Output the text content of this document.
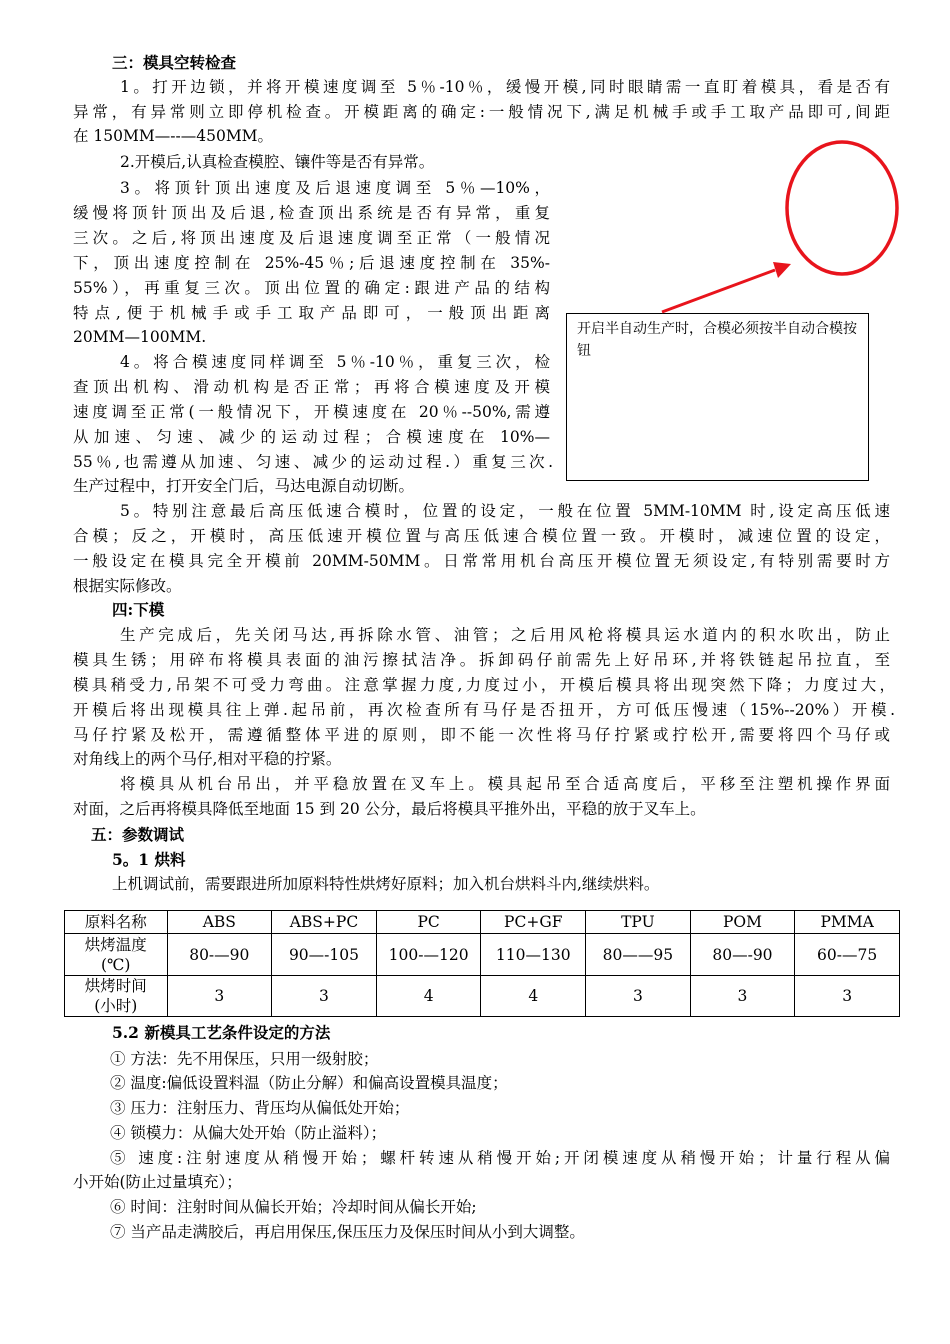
三：模具空转检查
1。打开边锁，并将开模速度调至 5％-10％，缓慢开模,同时眼睛需一直盯着模具，看是否有
异常，有异常则立即停机检查。开模距离的确定:一般情况下,满足机械手或手工取产品即可,间距
在 150MM—--—450MM。
2.开模后,认真检查模腔、镶件等是否有异常。
3。将顶针顶出速度及后退速度调至 5％—10%，
缓慢将顶针顶出及后退,检查顶出系统是否有异常，重复
三次。之后,将顶出速度及后退速度调至正常（一般情况
下，顶出速度控制在 25%-45％;后退速度控制在 35%-
55%），再重复三次。顶出位置的确定:跟进产品的结构
特点,便于机械手或手工取产品即可，一般顶出距离
20MM—100MM.
4。将合模速度同样调至 5％-10％，重复三次，检
查顶出机构、滑动机构是否正常；再将合模速度及开模
速度调至正常(一般情况下，开模速度在 20％--50%,需遵
从加速、匀速、减少的运动过程；合模速度在 10%—
55％,也需遵从加速、匀速、减少的运动过程.）重复三次.
生产过程中，打开安全门后，马达电源自动切断。
5。特别注意最后高压低速合模时，位置的设定，一般在位置 5MM-10MM 时,设定高压低速
合模；反之，开模时，高压低速开模位置与高压低速合模位置一致。开模时，减速位置的设定，
一般设定在模具完全开模前 20MM-50MM。日常常用机台高压开模位置无须设定,有特别需要时方
根据实际修改。
开启半自动生产时，合模必须按半自动合模按钮
四:下模
生产完成后，先关闭马达,再拆除水管、油管；之后用风枪将模具运水道内的积水吹出，防止
模具生锈；用碎布将模具表面的油污擦拭洁净。拆卸码仔前需先上好吊环,并将铁链起吊拉直，至
模具稍受力,吊架不可受力弯曲。注意掌握力度,力度过小，开模后模具将出现突然下降；力度过大，
开模后将出现模具往上弹.起吊前，再次检查所有马仔是否扭开，方可低压慢速（15%--20%）开模.
马仔拧紧及松开，需遵循整体平进的原则，即不能一次性将马仔拧紧或拧松开,需要将四个马仔或
对角线上的两个马仔,相对平稳的拧紧。
将模具从机台吊出，并平稳放置在叉车上。模具起吊至合适高度后，平移至注塑机操作界面
对面，之后再将模具降低至地面 15 到 20 公分，最后将模具平推外出，平稳的放于叉车上。
五：参数调试
5。1 烘料
上机调试前，需要跟进所加原料特性烘烤好原料；加入机台烘料斗内,继续烘料。
原料名称	ABS	ABS+PC	PC	PC+GF	TPU	POM	PMMA
烘烤温度
(℃)	80-—90	90—-105	100-—120	110—130	80——95	80—-90	60-—75
烘烤时间
(小时)	3	3	4	4	3	3	3
5.2 新模具工艺条件设定的方法
① 方法：先不用保压，只用一级射胶；
② 温度:偏低设置料温（防止分解）和偏高设置模具温度；
③ 压力：注射压力、背压均从偏低处开始；
④ 锁模力：从偏大处开始（防止溢料）；
⑤ 速度:注射速度从稍慢开始；螺杆转速从稍慢开始;开闭模速度从稍慢开始；计量行程从偏
小开始(防止过量填充）；
⑥ 时间：注射时间从偏长开始；冷却时间从偏长开始;
⑦ 当产品走满胶后，再启用保压,保压压力及保压时间从小到大调整。
